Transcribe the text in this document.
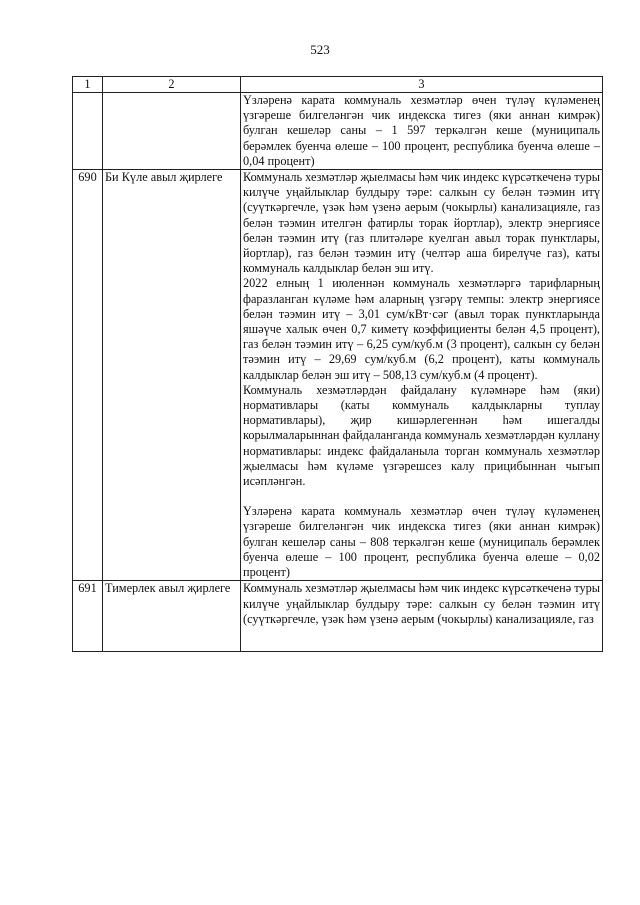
523
1	2	3

		Үзләренә карата коммуналь хезмәтләр өчен түләү күләменең үзгәреше билгеләнгән чик индекска тигез (яки аннан кимрәк) булган кешеләр саны – 1 597 теркәлгән кеше (муниципаль берәмлек буенча өлеше – 100 процент, республика буенча өлеше – 0,04 процент)

690	Би Күле авыл җирлеге	Коммуналь хезмәтләр җыелмасы һәм чик индекс күрсәткеченә туры килүче уңайлыклар булдыру тәре: салкын су белән тәэмин итү (суүткәргечле, үзәк һәм үзенә аерым (чокырлы) канализацияле, газ белән тәэмин ителгән фатирлы торак йортлар), электр энергиясе белән тәэмин итү (газ плитәләре куелган авыл торак пунктлары, йортлар), газ белән тәэмин итү (челтәр аша бирелүче газ), каты коммуналь калдыклар белән эш итү.

2022 елның 1 июленнән коммуналь хезмәтләргә тарифларның фаразланган күләме һәм аларның үзгәрү темпы: электр энергиясе белән тәэмин итү – 3,01 сум/кВт·сәг (авыл торак пунктларында яшәүче халык өчен 0,7 киметү коэффициенты белән 4,5 процент), газ белән тәэмин итү – 6,25 сум/куб.м (3 процент), салкын су белән тәэмин итү – 29,69 сум/куб.м (6,2 процент), каты коммуналь калдыклар белән эш итү – 508,13 сум/куб.м (4 процент).

Коммуналь хезмәтләрдән файдалану күләмнәре һәм (яки) нормативлары (каты коммуналь калдыкларны туплау нормативлары), җир кишәрлегеннән һәм ишегалды корылмаларыннан файдаланганда коммуналь хезмәтләрдән куллану нормативлары: индекс файдаланыла торган коммуналь хезмәтләр җыелмасы һәм күләме үзгәрешсез калу прицибыннан чыгып исәпләнгән.

Үзләренә карата коммуналь хезмәтләр өчен түләү күләменең үзгәреше билгеләнгән чик индекска тигез (яки аннан кимрәк) булган кешеләр саны – 808 теркәлгән кеше (муниципаль берәмлек буенча өлеше – 100 процент, республика буенча өлеше – 0,02 процент)

691	Тимерлек авыл җирлеге	Коммуналь хезмәтләр җыелмасы һәм чик индекс күрсәткеченә туры килүче уңайлыклар булдыру тәре: салкын су белән тәэмин итү (суүткәргечле, үзәк һәм үзенә аерым (чокырлы) канализацияле, газ
